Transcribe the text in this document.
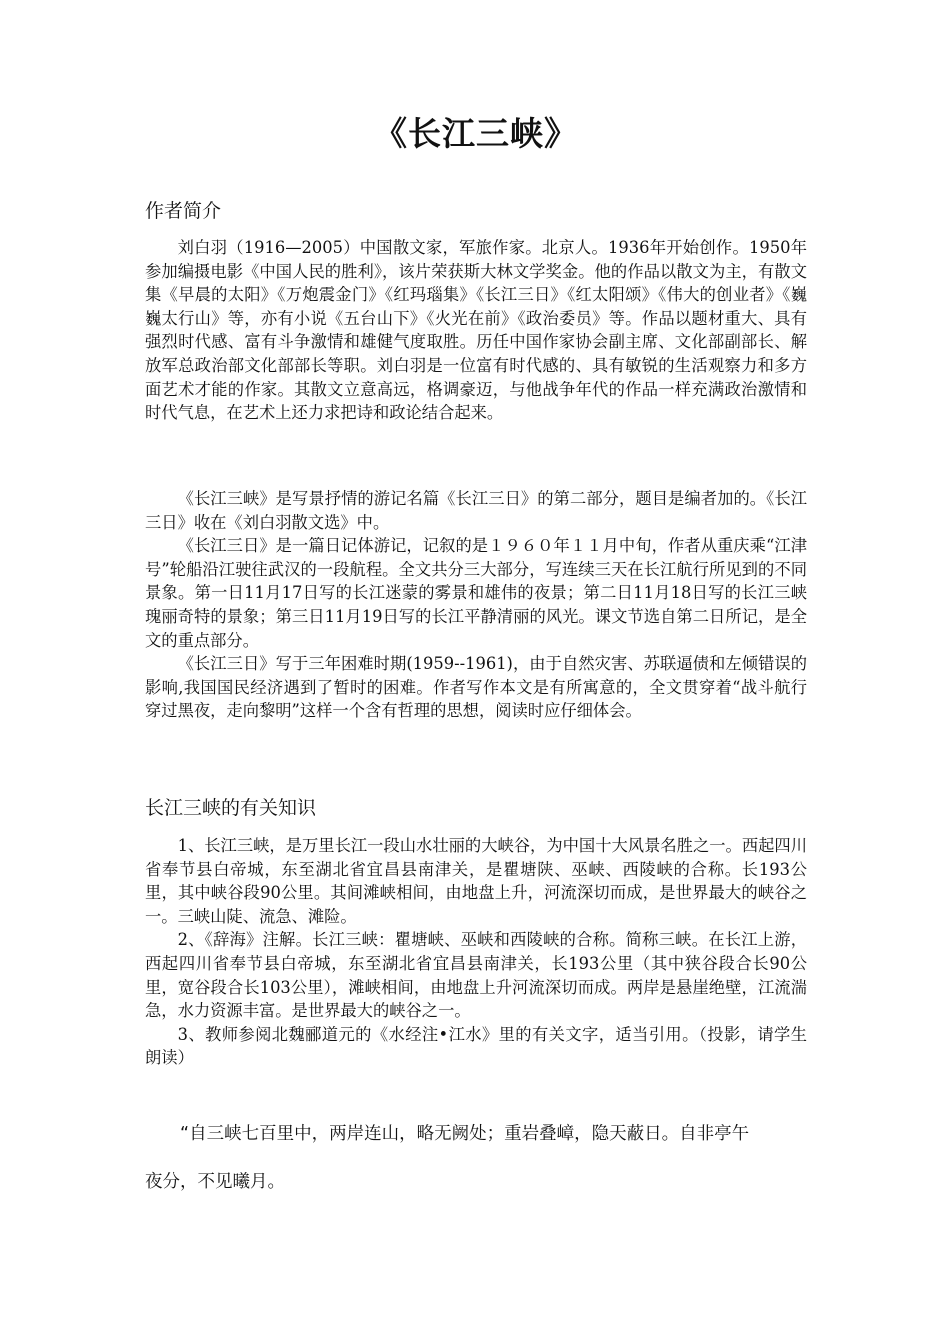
《长江三峡》
作者简介

刘白羽（1916—2005）中国散文家，军旅作家。北京人。1936年开始创作。1950年参加编摄电影《中国人民的胜利》，该片荣获斯大林文学奖金。他的作品以散文为主，有散文集《早晨的太阳》《万炮震金门》《红玛瑙集》《长江三日》《红太阳颂》《伟大的创业者》《巍巍太行山》等，亦有小说《五台山下》《火光在前》《政治委员》等。作品以题材重大、具有强烈时代感、富有斗争激情和雄健气度取胜。历任中国作家协会副主席、文化部副部长、解放军总政治部文化部部长等职。刘白羽是一位富有时代感的、具有敏锐的生活观察力和多方面艺术才能的作家。其散文立意高远，格调豪迈，与他战争年代的作品一样充满政治激情和时代气息，在艺术上还力求把诗和政论结合起来。

《长江三峡》是写景抒情的游记名篇《长江三日》的第二部分，题目是编者加的。《长江三日》收在《刘白羽散文选》中。

《长江三日》是一篇日记体游记，记叙的是１９６０年１１月中旬，作者从重庆乘“江津号”轮船沿江驶往武汉的一段航程。全文共分三大部分，写连续三天在长江航行所见到的不同景象。第一日11月17日写的长江迷蒙的雾景和雄伟的夜景；第二日11月18日写的长江三峡瑰丽奇特的景象；第三日11月19日写的长江平静清丽的风光。课文节选自第二日所记，是全文的重点部分。

《长江三日》写于三年困难时期(1959--1961)，由于自然灾害、苏联逼债和左倾错误的影响,我国国民经济遇到了暂时的困难。作者写作本文是有所寓意的，全文贯穿着“战斗航行穿过黑夜，走向黎明”这样一个含有哲理的思想，阅读时应仔细体会。

长江三峡的有关知识

1、长江三峡，是万里长江一段山水壮丽的大峡谷，为中国十大风景名胜之一。西起四川省奉节县白帝城，东至湖北省宜昌县南津关，是瞿塘陕、巫峡、西陵峡的合称。长193公里，其中峡谷段90公里。其间滩峡相间，由地盘上升，河流深切而成，是世界最大的峡谷之一。三峡山陡、流急、滩险。

2、《辞海》注解。长江三峡：瞿塘峡、巫峡和西陵峡的合称。简称三峡。在长江上游，西起四川省奉节县白帝城，东至湖北省宜昌县南津关，长193公里（其中狭谷段合长90公里，宽谷段合长103公里），滩峡相间，由地盘上升河流深切而成。两岸是悬崖绝壁，江流湍急，水力资源丰富。是世界最大的峡谷之一。

3、教师参阅北魏郦道元的《水经注•江水》里的有关文字，适当引用。（投影，请学生朗读）

“自三峡七百里中，两岸连山，略无阙处；重岩叠嶂，隐天蔽日。自非亭午

夜分，不见曦月。
